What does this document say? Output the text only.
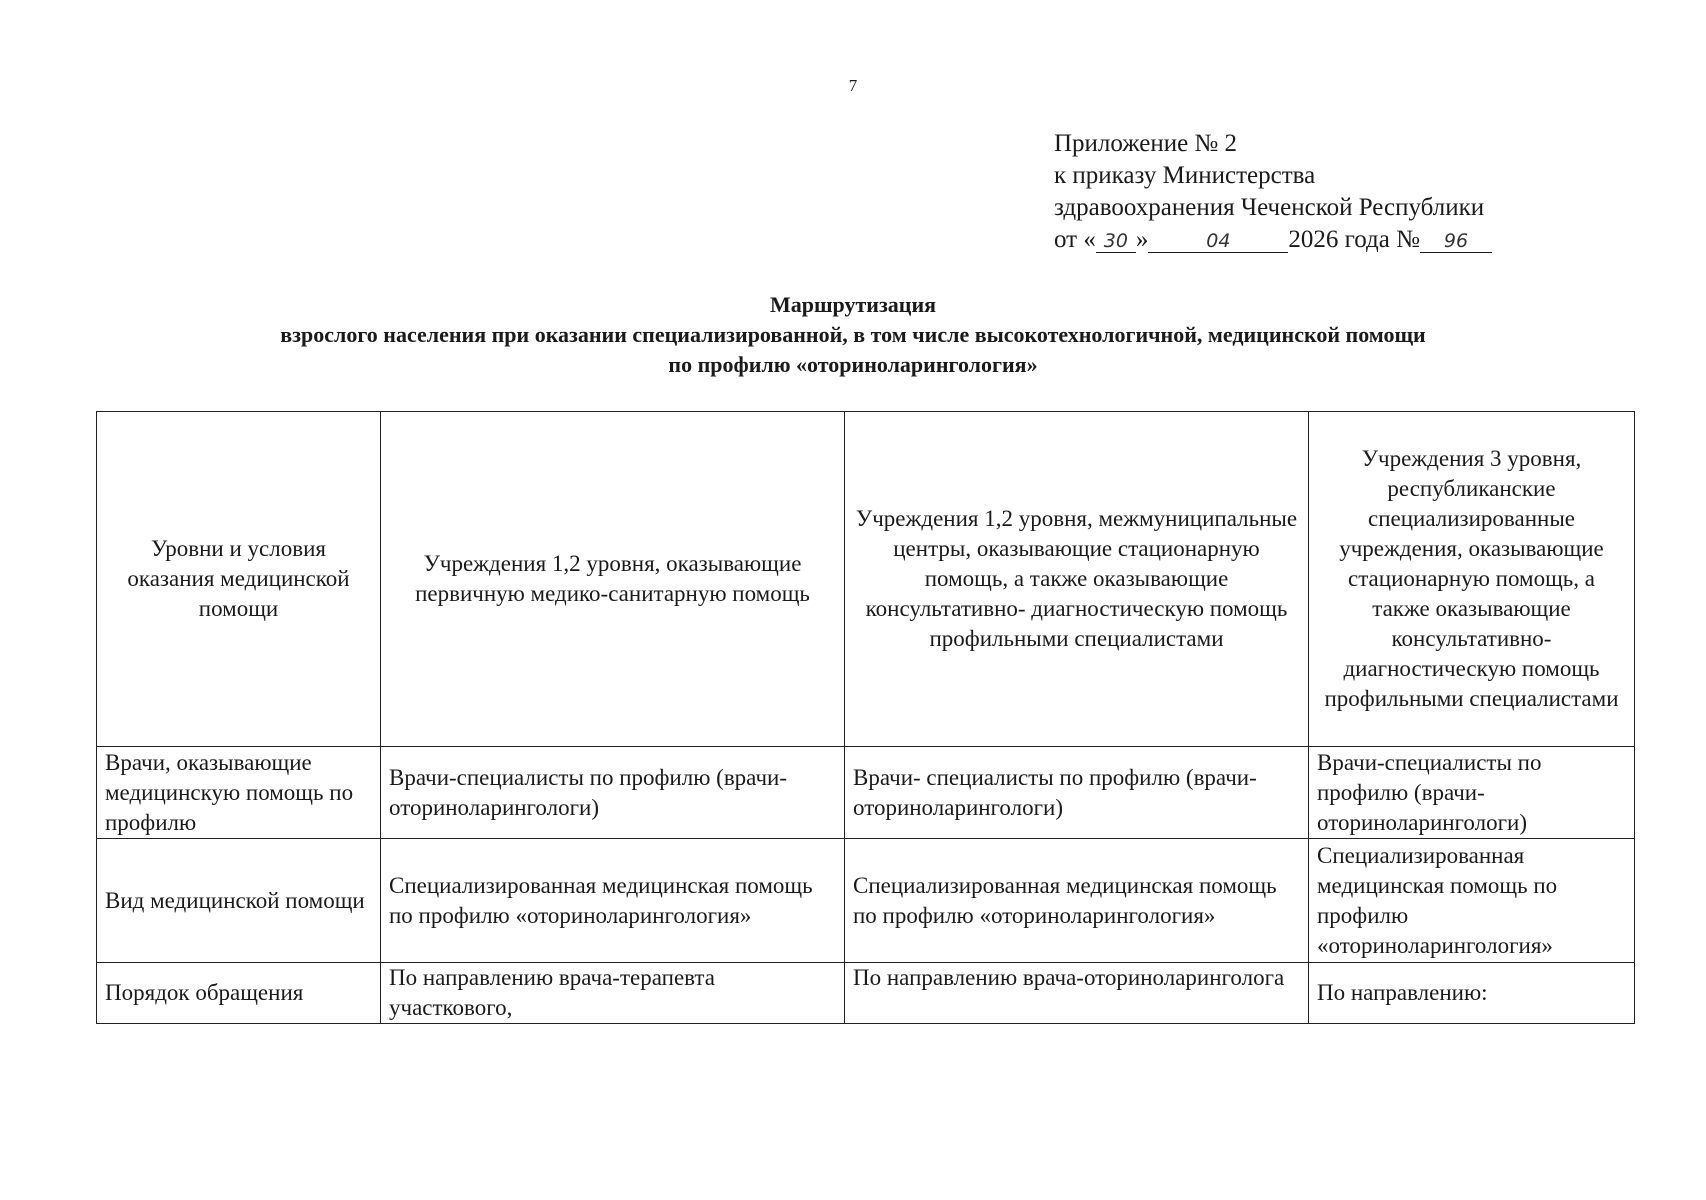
7
Приложение № 2
к приказу Министерства
здравоохранения Чеченской Республики
от « 30 »	04 2026 года № 96
Маршрутизация
взрослого населения при оказании специализированной, в том числе высокотехнологичной, медицинской помощи
по профилю «оториноларингология»
Уровни и условия оказания медицинской помощи	Учреждения 1,2 уровня, оказывающие первичную медико-санитарную помощь	Учреждения 1,2 уровня, межмуниципальные центры, оказывающие стационарную помощь, а также оказывающие консультативно- диагностическую помощь профильными специалистами	Учреждения 3 уровня, республиканские специализированные учреждения, оказывающие стационарную помощь, а также оказывающие консультативно-диагностическую помощь профильными специалистами
Врачи, оказывающие медицинскую помощь по профилю	Врачи-специалисты по профилю (врачи-оториноларингологи)	Врачи- специалисты по профилю (врачи-оториноларингологи)	Врачи-специалисты по профилю (врачи-оториноларингологи)
Вид медицинской помощи	Специализированная медицинская помощь по профилю «оториноларингология»	Специализированная медицинская помощь по профилю «оториноларингология»	Специализированная медицинская помощь по профилю «оториноларингология»
Порядок обращения	По направлению врача-терапевта участкового,	По направлению врача-оториноларинголога	По направлению:
